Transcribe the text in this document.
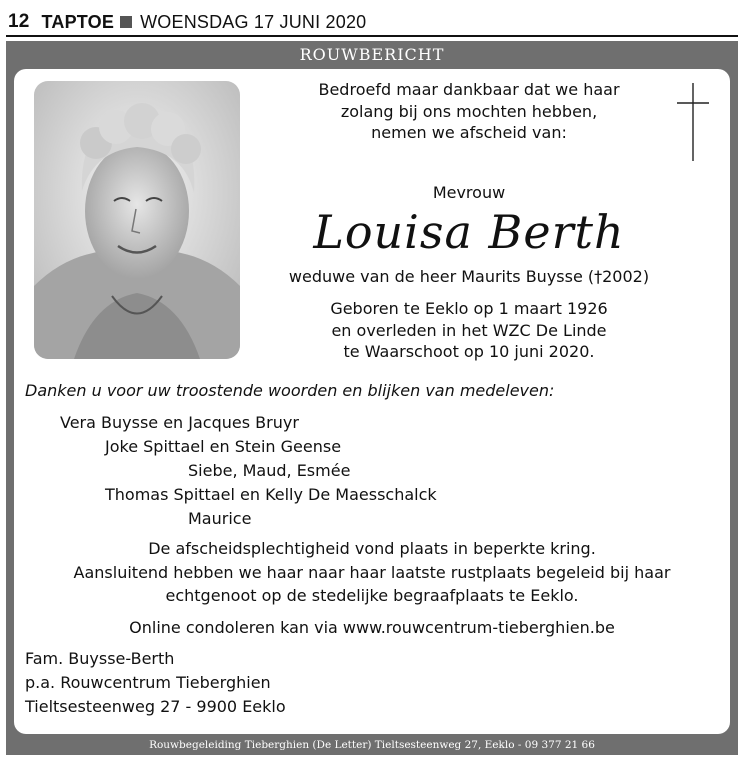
12 TAPTOE WOENSDAG 17 JUNI 2020
ROUWBERICHT
Bedroefd maar dankbaar dat we haar
zolang bij ons mochten hebben,
nemen we afscheid van:
Mevrouw
Louisa Berth
weduwe van de heer Maurits Buysse (†2002)
Geboren te Eeklo op 1 maart 1926
en overleden in het WZC De Linde
te Waarschoot op 10 juni 2020.
Danken u voor uw troostende woorden en blijken van medeleven:
Vera Buysse en Jacques Bruyr
Joke Spittael en Stein Geense
Siebe, Maud, Esmée
Thomas Spittael en Kelly De Maesschalck
Maurice
De afscheidsplechtigheid vond plaats in beperkte kring.
Aansluitend hebben we haar naar haar laatste rustplaats begeleid bij haar
echtgenoot op de stedelijke begraafplaats te Eeklo.
Online condoleren kan via www.rouwcentrum-tieberghien.be
Fam. Buysse-Berth
p.a. Rouwcentrum Tieberghien
Tieltsesteenweg 27 - 9900 Eeklo
Rouwbegeleiding Tieberghien (De Letter) Tieltsesteenweg 27, Eeklo - 09 377 21 66
